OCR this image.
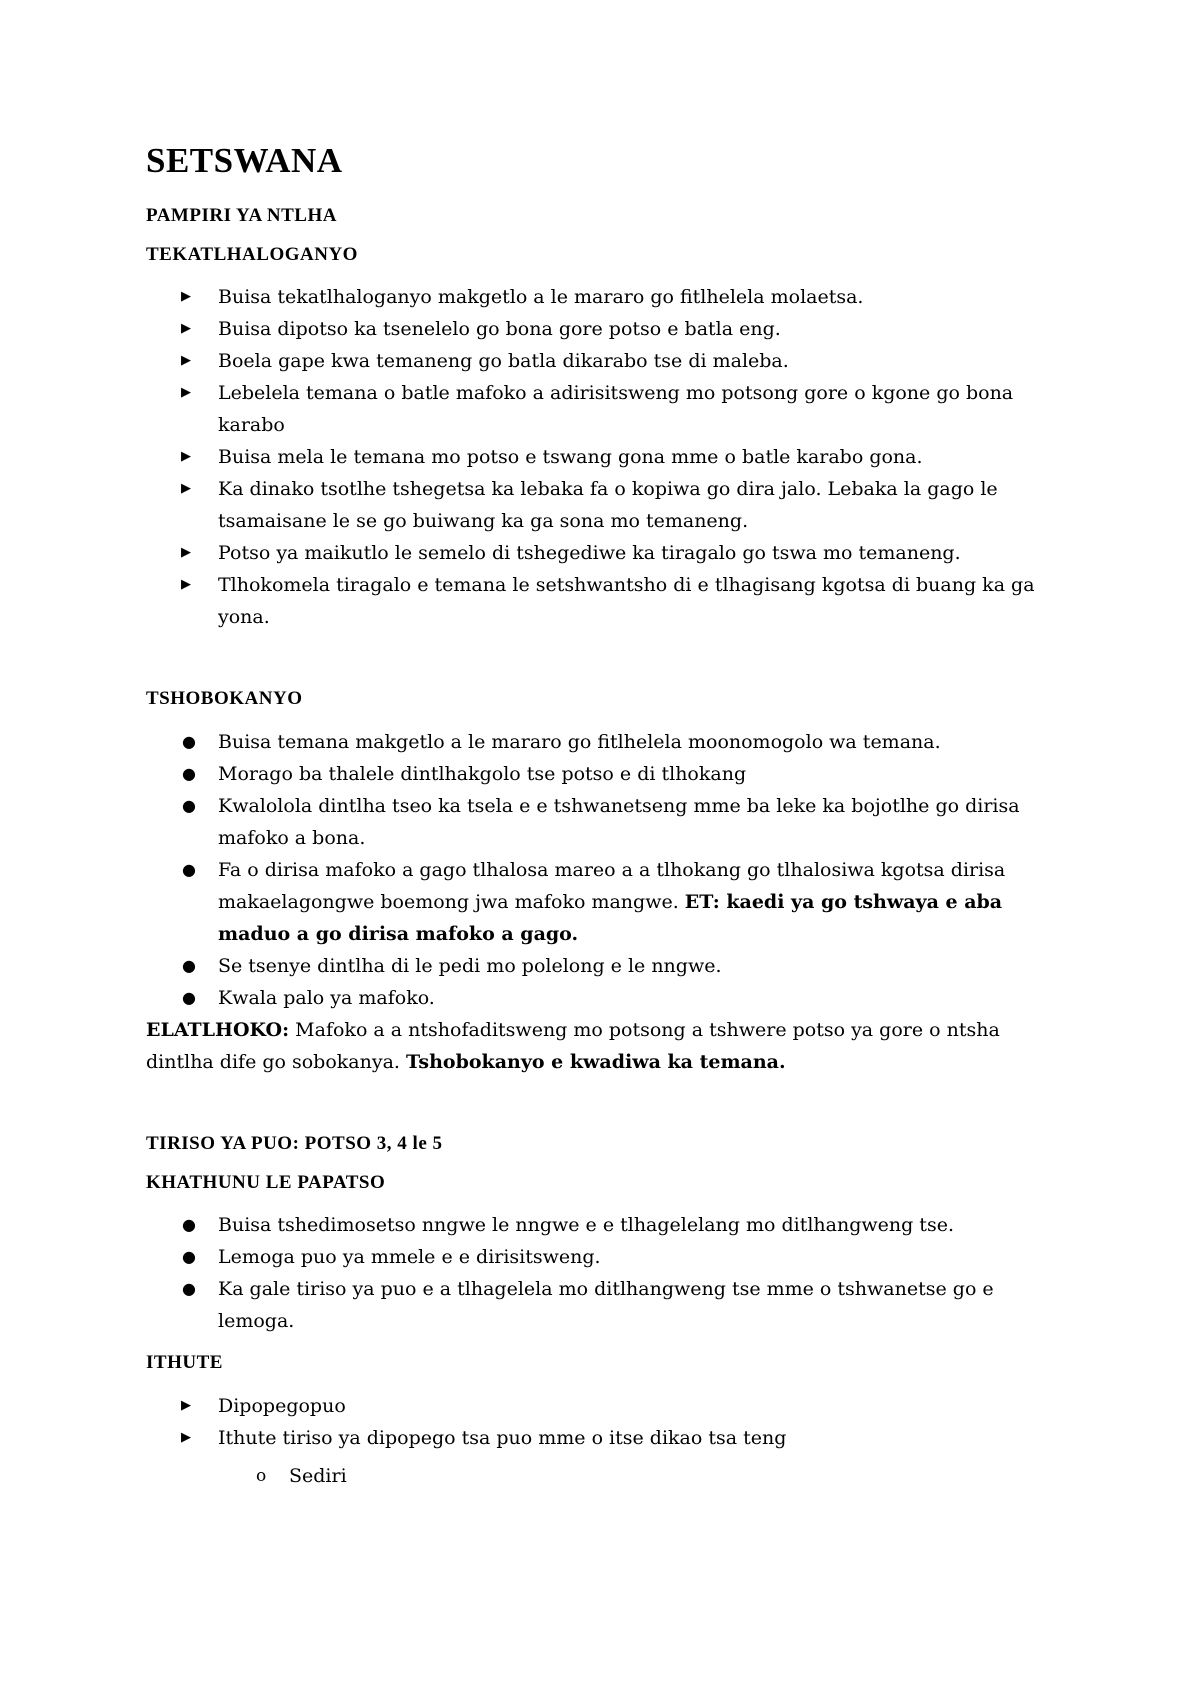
SETSWANA
PAMPIRI YA NTLHA
TEKATLHALOGANYO
▶	Buisa tekatlhaloganyo makgetlo a le mararo go fitlhelela molaetsa.
▶	Buisa dipotso ka tsenelelo go bona gore potso e batla eng.
▶	Boela gape kwa temaneng go batla dikarabo tse di maleba.
▶	Lebelela temana o batle mafoko a adirisitsweng mo potsong gore o kgone go bona karabo
▶	Buisa mela le temana mo potso e tswang gona mme o batle karabo gona.
▶	Ka dinako tsotlhe tshegetsa ka lebaka fa o kopiwa go dira jalo. Lebaka la gago le tsamaisane le se go buiwang ka ga sona mo temaneng.
▶	Potso ya maikutlo le semelo di tshegediwe ka tiragalo go tswa mo temaneng.
▶	Tlhokomela tiragalo e temana le setshwantsho di e tlhagisang kgotsa di buang ka ga yona.
TSHOBOKANYO
●	Buisa temana makgetlo a le mararo go fitlhelela moonomogolo wa temana.
●	Morago ba thalele dintlhakgolo tse potso e di tlhokang
●	Kwalolola dintlha tseo ka tsela e e tshwanetseng mme ba leke ka bojotlhe go dirisa mafoko a bona.
●	Fa o dirisa mafoko a gago tlhalosa mareo a a tlhokang go tlhalosiwa kgotsa dirisa makaelagongwe boemong jwa mafoko mangwe. ET: kaedi ya go tshwaya e aba maduo a go dirisa mafoko a gago.
●	Se tsenye dintlha di le pedi mo polelong e le nngwe.
●	Kwala palo ya mafoko.

ELATLHOKO: Mafoko a a ntshofaditsweng mo potsong a tshwere potso ya gore o ntsha dintlha dife go sobokanya. Tshobokanyo e kwadiwa ka temana.

TIRISO YA PUO: POTSO 3, 4 le 5
KHATHUNU LE PAPATSO
●	Buisa tshedimosetso nngwe le nngwe e e tlhagelelang mo ditlhangweng tse.
●	Lemoga puo ya mmele e e dirisitsweng.
●	Ka gale tiriso ya puo e a tlhagelela mo ditlhangweng tse mme o tshwanetse go e lemoga.
ITHUTE
▶	Dipopegopuo
▶	Ithute tiriso ya dipopego tsa puo mme o itse dikao tsa teng
o	Sediri
